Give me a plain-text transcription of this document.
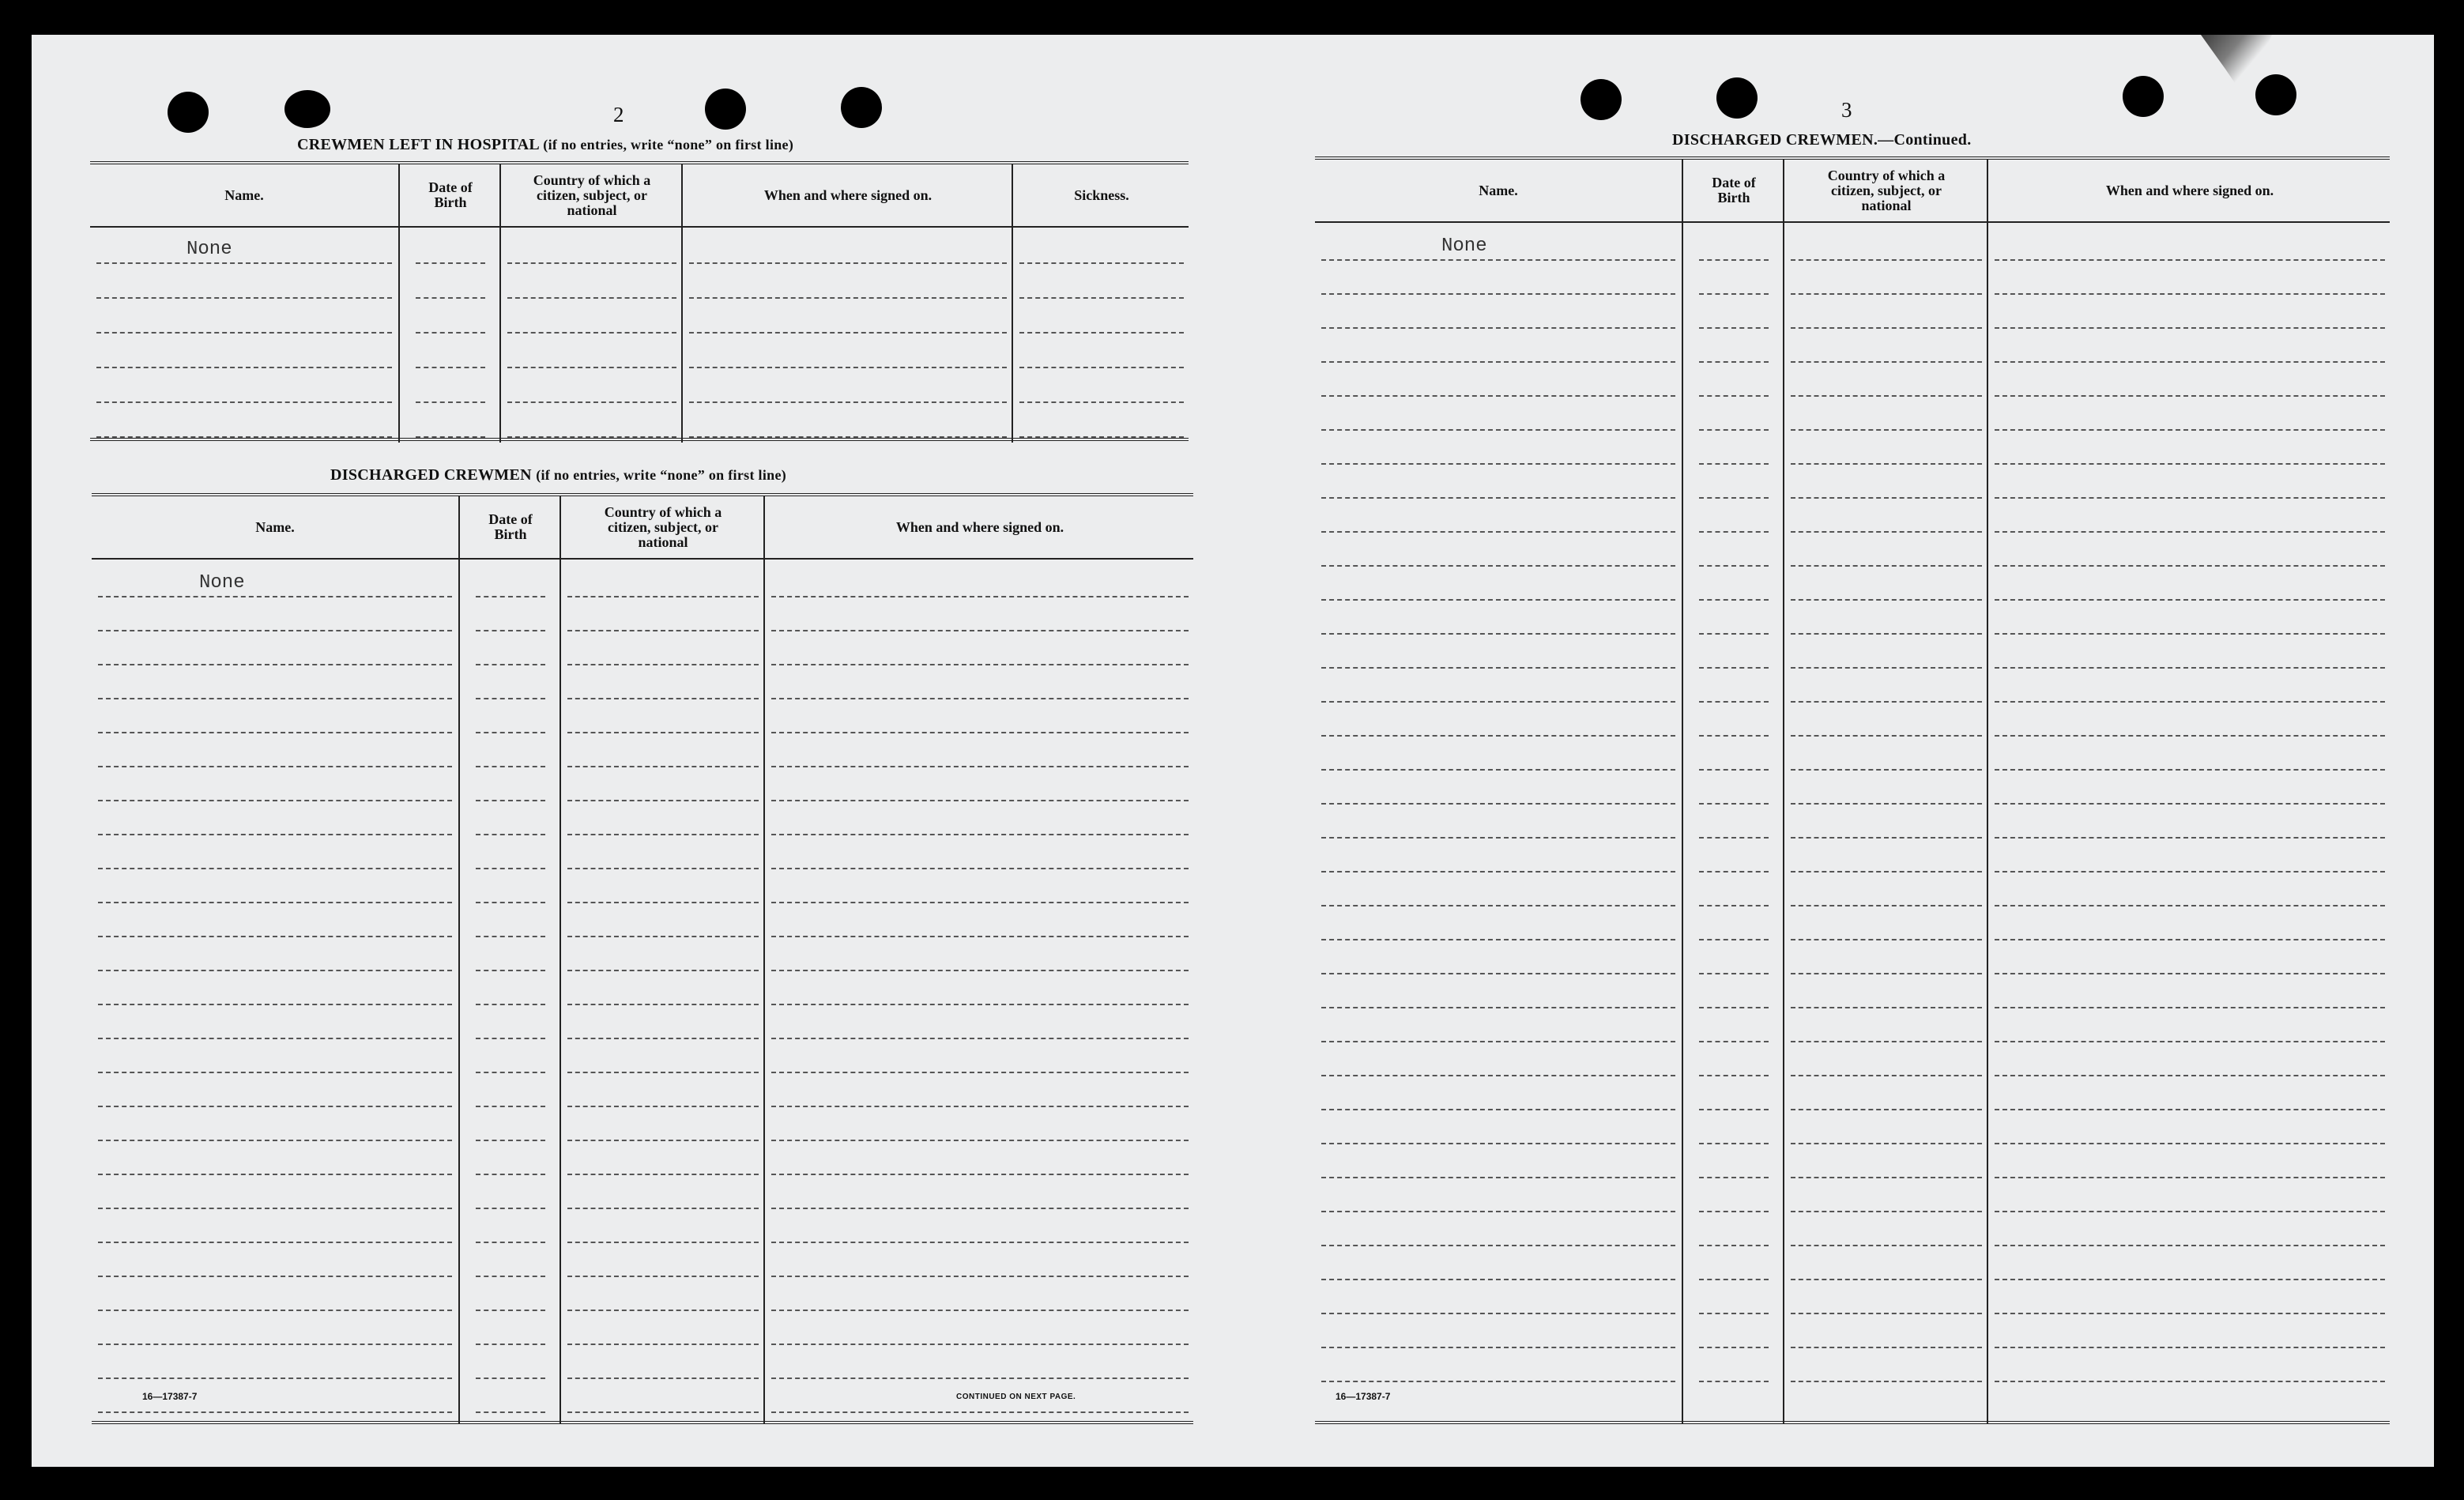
2
CREWMEN LEFT IN HOSPITAL (if no entries, write “none” on first line)
Name.
None
Date of Birth
Country of which a citizen, subject, or national
When and where signed on.	Sickness.
DISCHARGED CREWMEN (if no entries, write “none” on first line)
Name.
None
Date of Birth
Country of which a citizen, subject, or national
When and where signed on.
16—17387-7	CONTINUED ON NEXT PAGE.
3
DISCHARGED CREWMEN.—Continued.
Name.
None
Date of Birth
Country of which a citizen, subject, or national
When and where signed on.
16—17387-7
